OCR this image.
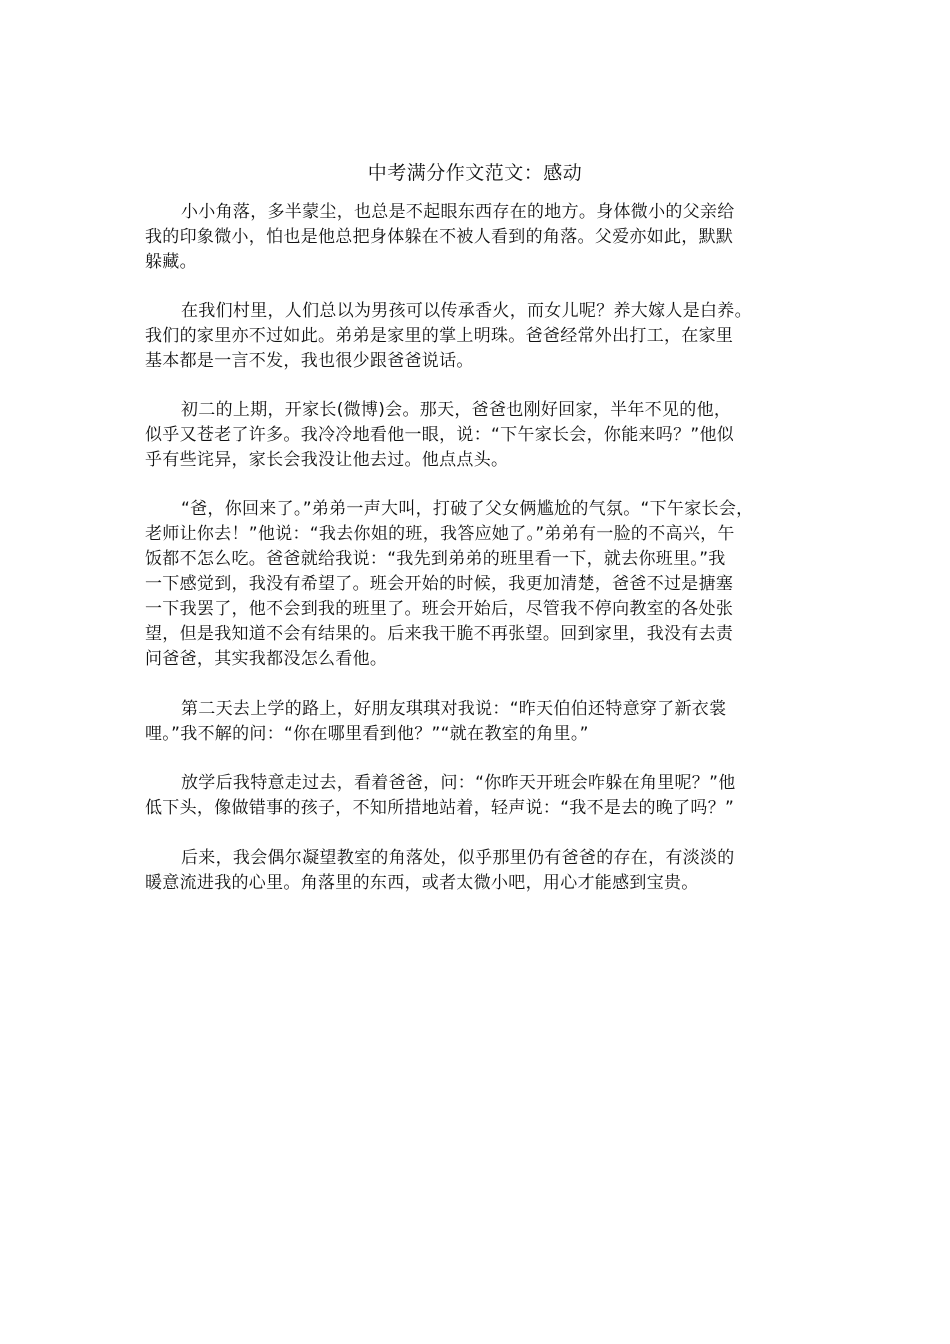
中考满分作文范文：感动
小小角落，多半蒙尘，也总是不起眼东西存在的地方。身体微小的父亲给
我的印象微小，怕也是他总把身体躲在不被人看到的角落。父爱亦如此，默默
躲藏。
在我们村里，人们总以为男孩可以传承香火，而女儿呢？养大嫁人是白养。
我们的家里亦不过如此。弟弟是家里的掌上明珠。爸爸经常外出打工，在家里
基本都是一言不发，我也很少跟爸爸说话。
初二的上期，开家长(微博)会。那天，爸爸也刚好回家，半年不见的他，
似乎又苍老了许多。我冷冷地看他一眼，说：“下午家长会，你能来吗？”他似
乎有些诧异，家长会我没让他去过。他点点头。
“爸，你回来了。”弟弟一声大叫，打破了父女俩尴尬的气氛。“下午家长会，
老师让你去！”他说：“我去你姐的班，我答应她了。”弟弟有一脸的不高兴，午
饭都不怎么吃。爸爸就给我说：“我先到弟弟的班里看一下，就去你班里。”我
一下感觉到，我没有希望了。班会开始的时候，我更加清楚，爸爸不过是搪塞
一下我罢了，他不会到我的班里了。班会开始后，尽管我不停向教室的各处张
望，但是我知道不会有结果的。后来我干脆不再张望。回到家里，我没有去责
问爸爸，其实我都没怎么看他。
第二天去上学的路上，好朋友琪琪对我说：“昨天伯伯还特意穿了新衣裳
哩。”我不解的问：“你在哪里看到他？”“就在教室的角里。”
放学后我特意走过去，看着爸爸，问：“你昨天开班会咋躲在角里呢？”他
低下头，像做错事的孩子，不知所措地站着，轻声说：“我不是去的晚了吗？”
后来，我会偶尔凝望教室的角落处，似乎那里仍有爸爸的存在，有淡淡的
暖意流进我的心里。角落里的东西，或者太微小吧，用心才能感到宝贵。
